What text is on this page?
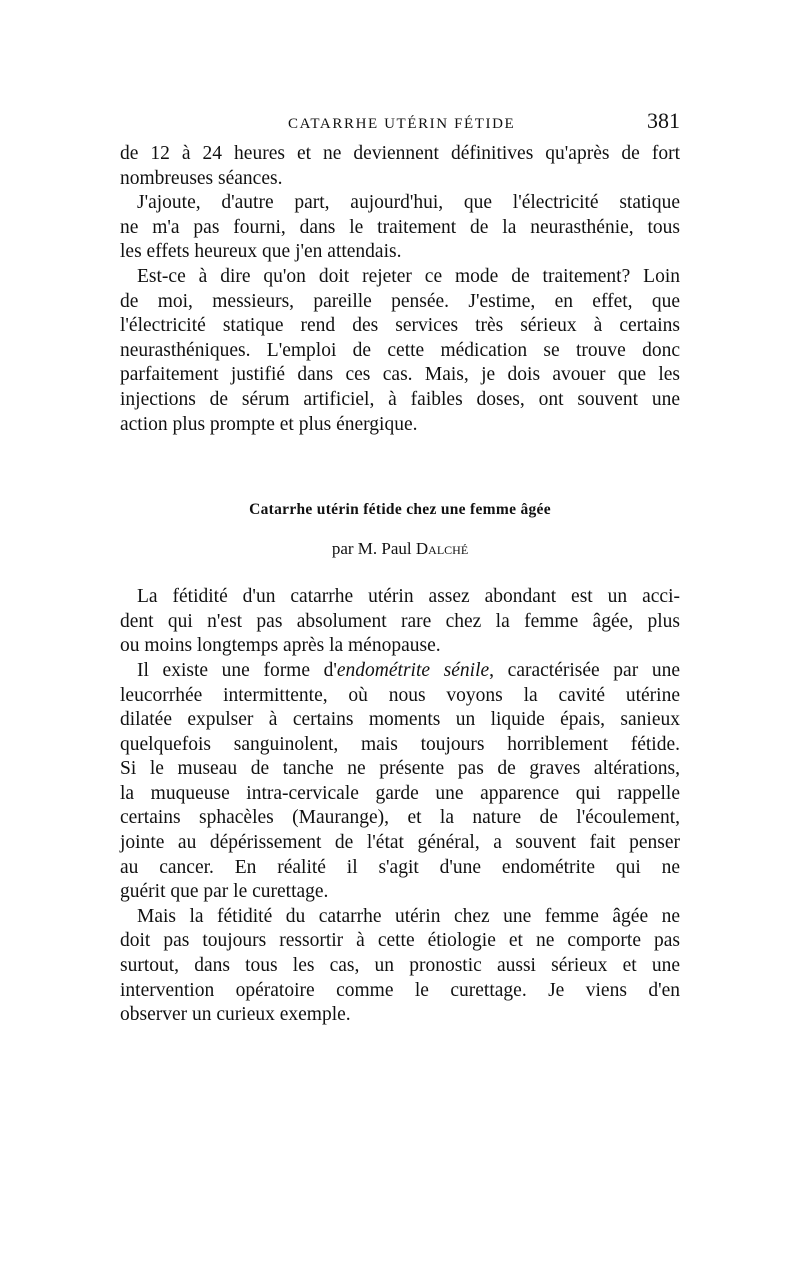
CATARRHE UTÉRIN FÉTIDE	381

de 12 à 24 heures et ne deviennent définitives qu'après de fort
nombreuses séances.

J'ajoute, d'autre part, aujourd'hui, que l'électricité statique
ne m'a pas fourni, dans le traitement de la neurasthénie, tous
les effets heureux que j'en attendais.

Est-ce à dire qu'on doit rejeter ce mode de traitement? Loin
de moi, messieurs, pareille pensée. J'estime, en effet, que
l'électricité statique rend des services très sérieux à certains
neurasthéniques. L'emploi de cette médication se trouve donc
parfaitement justifié dans ces cas. Mais, je dois avouer que les
injections de sérum artificiel, à faibles doses, ont souvent une
action plus prompte et plus énergique.

Catarrhe utérin fétide chez une femme âgée

par M. Paul Dalché

La fétidité d'un catarrhe utérin assez abondant est un acci-
dent qui n'est pas absolument rare chez la femme âgée, plus
ou moins longtemps après la ménopause.

Il existe une forme d'endométrite sénile, caractérisée par une
leucorrhée intermittente, où nous voyons la cavité utérine
dilatée expulser à certains moments un liquide épais, sanieux
quelquefois sanguinolent, mais toujours horriblement fétide.
Si le museau de tanche ne présente pas de graves altérations,
la muqueuse intra-cervicale garde une apparence qui rappelle
certains sphacèles (Maurange), et la nature de l'écoulement,
jointe au dépérissement de l'état général, a souvent fait penser
au cancer. En réalité il s'agit d'une endométrite qui ne
guérit que par le curettage.

Mais la fétidité du catarrhe utérin chez une femme âgée ne
doit pas toujours ressortir à cette étiologie et ne comporte pas
surtout, dans tous les cas, un pronostic aussi sérieux et une
intervention opératoire comme le curettage. Je viens d'en
observer un curieux exemple.
